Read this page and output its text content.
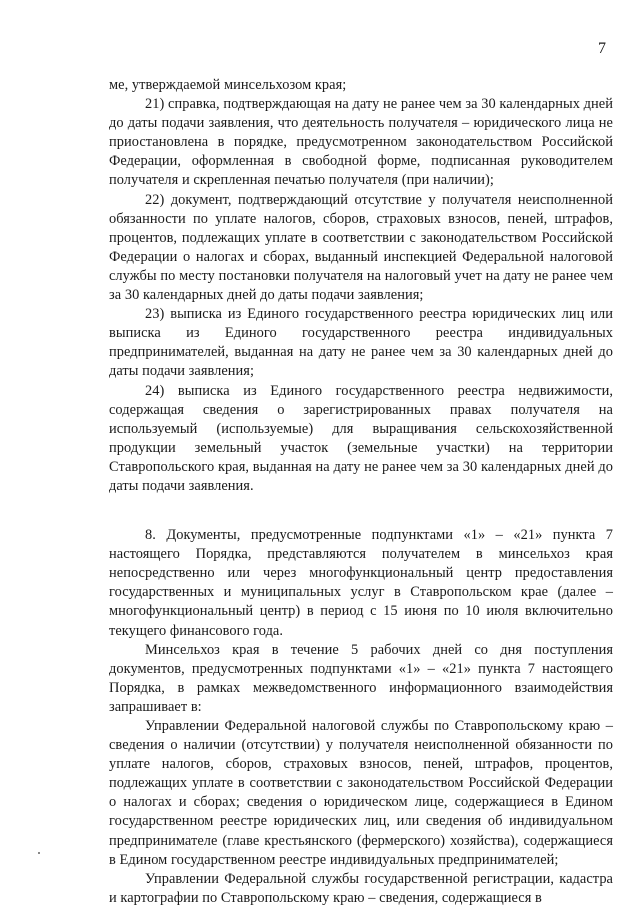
7

ме, утверждаемой минсельхозом края;

21) справка, подтверждающая на дату не ранее чем за 30 календарных дней до даты подачи заявления, что деятельность получателя – юридического лица не приостановлена в порядке, предусмотренном законодательством Российской Федерации, оформленная в свободной форме, подписанная руководителем получателя и скрепленная печатью получателя (при наличии);

22) документ, подтверждающий отсутствие у получателя неисполненной обязанности по уплате налогов, сборов, страховых взносов, пеней, штрафов, процентов, подлежащих уплате в соответствии с законодательством Российской Федерации о налогах и сборах, выданный инспекцией Федеральной налоговой службы по месту постановки получателя на налоговый учет на дату не ранее чем за 30 календарных дней до даты подачи заявления;

23) выписка из Единого государственного реестра юридических лиц или выписка из Единого государственного реестра индивидуальных предпринимателей, выданная на дату не ранее чем за 30 календарных дней до даты подачи заявления;

24) выписка из Единого государственного реестра недвижимости, содержащая сведения о зарегистрированных правах получателя на используемый (используемые) для выращивания сельскохозяйственной продукции земельный участок (земельные участки) на территории Ставропольского края, выданная на дату не ранее чем за 30 календарных дней до даты подачи заявления.

8. Документы, предусмотренные подпунктами «1» – «21» пункта 7 настоящего Порядка, представляются получателем в минсельхоз края непосредственно или через многофункциональный центр предоставления государственных и муниципальных услуг в Ставропольском крае (далее – многофункциональный центр) в период с 15 июня по 10 июля включительно текущего финансового года.

Минсельхоз края в течение 5 рабочих дней со дня поступления документов, предусмотренных подпунктами «1» – «21» пункта 7 настоящего Порядка, в рамках межведомственного информационного взаимодействия запрашивает в:

Управлении Федеральной налоговой службы по Ставропольскому краю – сведения о наличии (отсутствии) у получателя неисполненной обязанности по уплате налогов, сборов, страховых взносов, пеней, штрафов, процентов, подлежащих уплате в соответствии с законодательством Российской Федерации о налогах и сборах; сведения о юридическом лице, содержащиеся в Едином государственном реестре юридических лиц, или сведения об индивидуальном предпринимателе (главе крестьянского (фермерского) хозяйства), содержащиеся в Едином государственном реестре индивидуальных предпринимателей;

Управлении Федеральной службы государственной регистрации, кадастра и картографии по Ставропольскому краю – сведения, содержащиеся в
